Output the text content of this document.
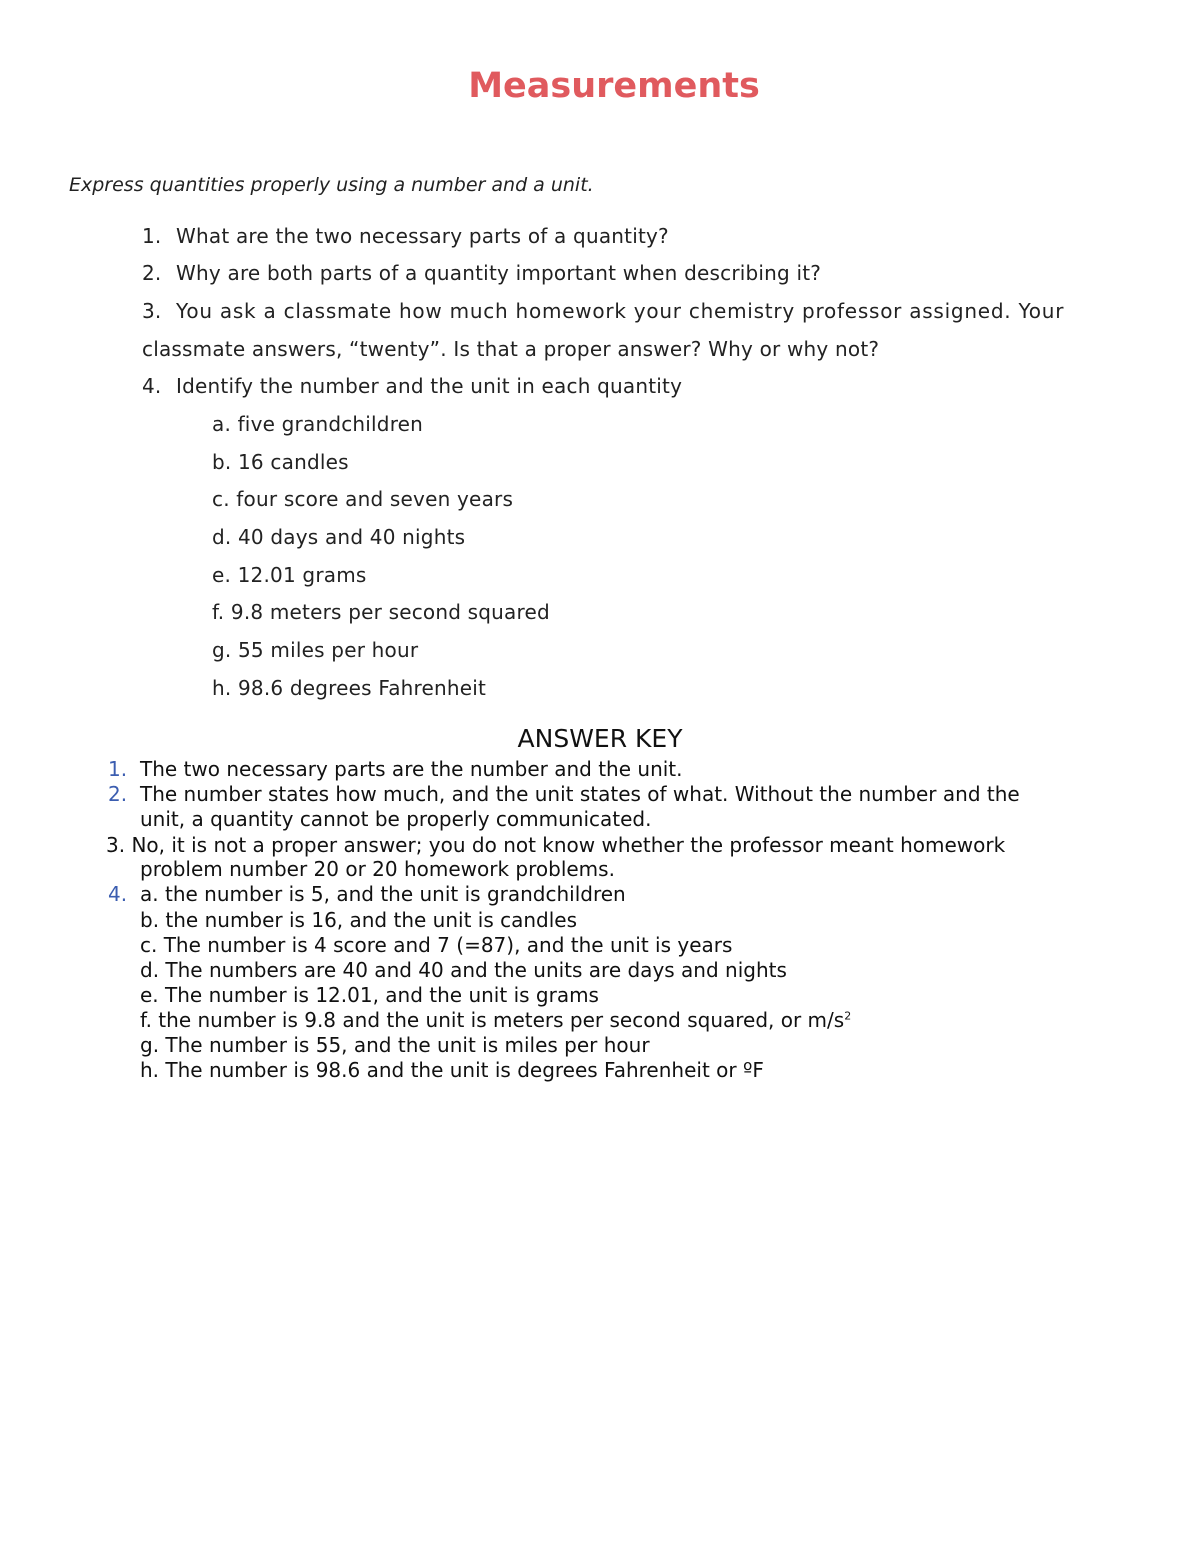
Measurements
Express quantities properly using a number and a unit.
1. What are the two necessary parts of a quantity?
2. Why are both parts of a quantity important when describing it?
3. You ask a classmate how much homework your chemistry professor assigned. Your
classmate answers, “twenty”. Is that a proper answer? Why or why not?
4. Identify the number and the unit in each quantity
a. five grandchildren
b. 16 candles
c. four score and seven years
d. 40 days and 40 nights
e. 12.01 grams
f. 9.8 meters per second squared
g. 55 miles per hour
h. 98.6 degrees Fahrenheit
ANSWER KEY
1. The two necessary parts are the number and the unit.
2. The number states how much, and the unit states of what. Without the number and the
unit, a quantity cannot be properly communicated.
3. No, it is not a proper answer; you do not know whether the professor meant homework
problem number 20 or 20 homework problems.
4. a. the number is 5, and the unit is grandchildren
b. the number is 16, and the unit is candles
c. The number is 4 score and 7 (=87), and the unit is years
d. The numbers are 40 and 40 and the units are days and nights
e. The number is 12.01, and the unit is grams
f. the number is 9.8 and the unit is meters per second squared, or $m/s^2$
g. The number is 55, and the unit is miles per hour
h. The number is 98.6 and the unit is degrees Fahrenheit or ºF
